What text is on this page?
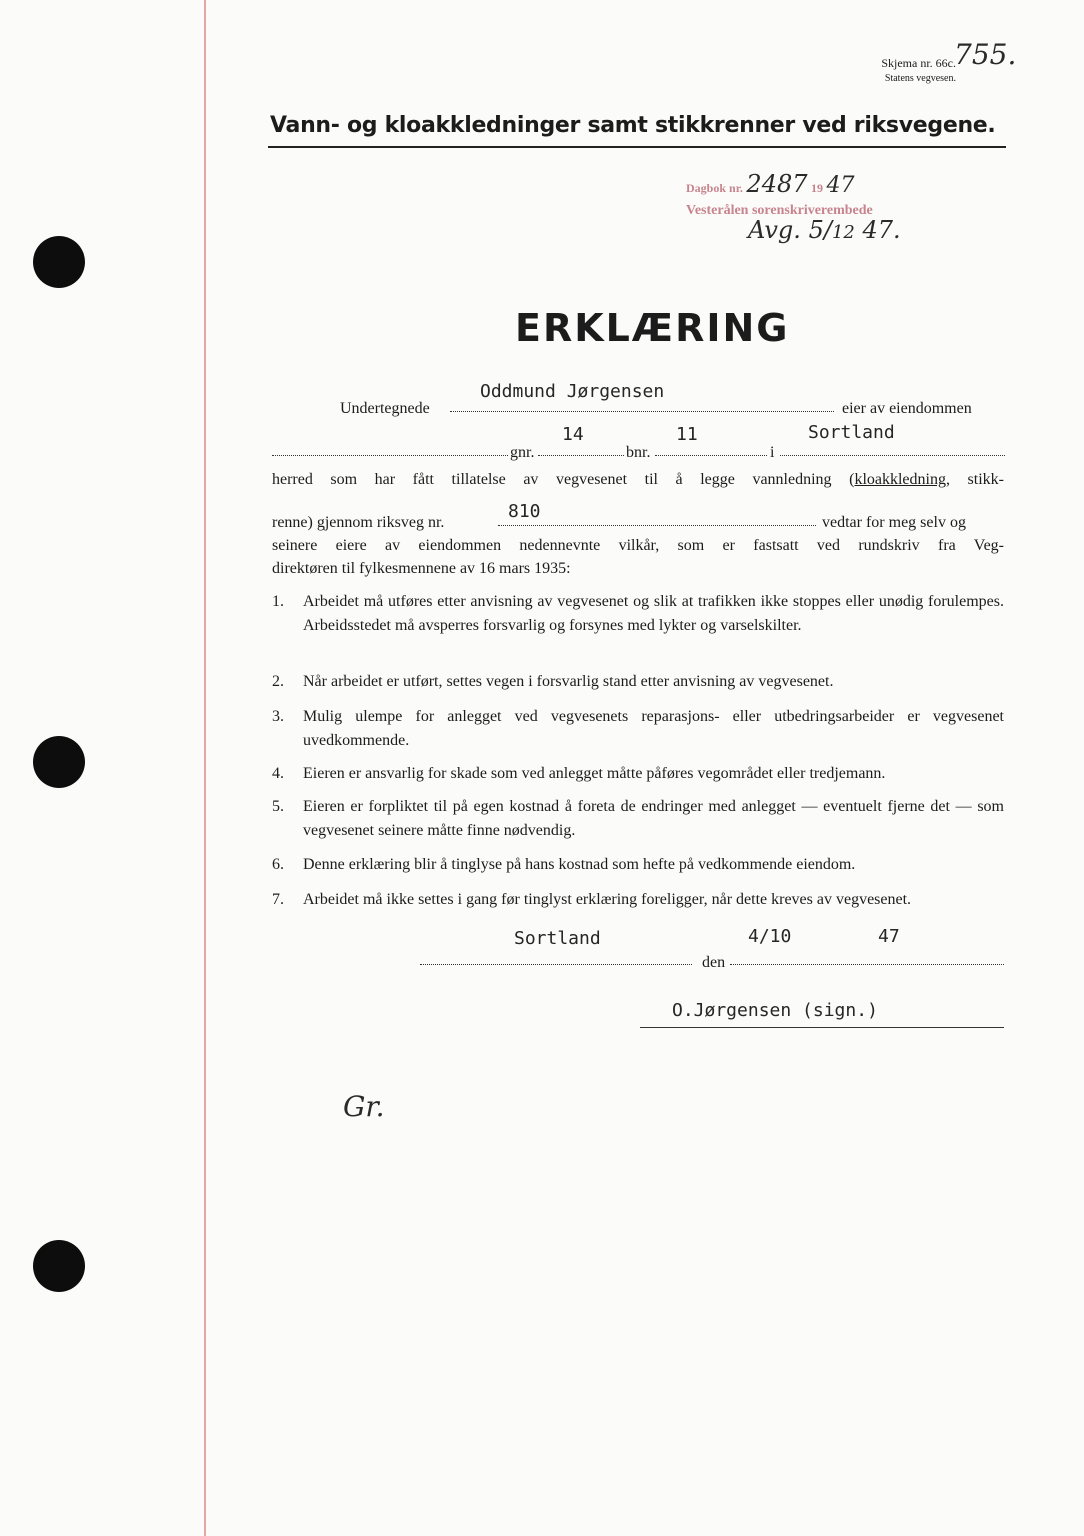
Skjema nr. 66c.
Statens vegvesen.
755.
Vann- og kloakkledninger samt stikkrenner ved riksvegene.
Dagbok nr. 2487 19 47
Vesterålen sorenskriverembede
Avg. 5/12 47.
ERKLÆRING
Undertegnede
Oddmund Jørgensen
eier av eiendommen
gnr.
14
bnr.
11
i
Sortland
herred som har fått tillatelse av vegvesenet til å legge vannledning (kloakkledning, stikk-
renne) gjennom riksveg nr.
810
vedtar for meg selv og
seinere eiere av eiendommen nedennevnte vilkår, som er fastsatt ved rundskriv fra Veg-
direktøren til fylkesmennene av 16 mars 1935:
1. Arbeidet må utføres etter anvisning av vegvesenet og slik at trafikken ikke stoppes eller unødig forulempes. Arbeidsstedet må avsperres forsvarlig og forsynes med lykter og varselskilter.
2. Når arbeidet er utført, settes vegen i forsvarlig stand etter anvisning av vegvesenet.
3. Mulig ulempe for anlegget ved vegvesenets reparasjons- eller utbedringsarbeider er vegvesenet uvedkommende.
4. Eieren er ansvarlig for skade som ved anlegget måtte påføres vegområdet eller tredjemann.
5. Eieren er forpliktet til på egen kostnad å foreta de endringer med anlegget — eventuelt fjerne det — som vegvesenet seinere måtte finne nødvendig.
6. Denne erklæring blir å tinglyse på hans kostnad som hefte på vedkommende eiendom.
7. Arbeidet må ikke settes i gang før tinglyst erklæring foreligger, når dette kreves av vegvesenet.
Sortland
den
4/10	47
O.Jørgensen (sign.)
Gr.
